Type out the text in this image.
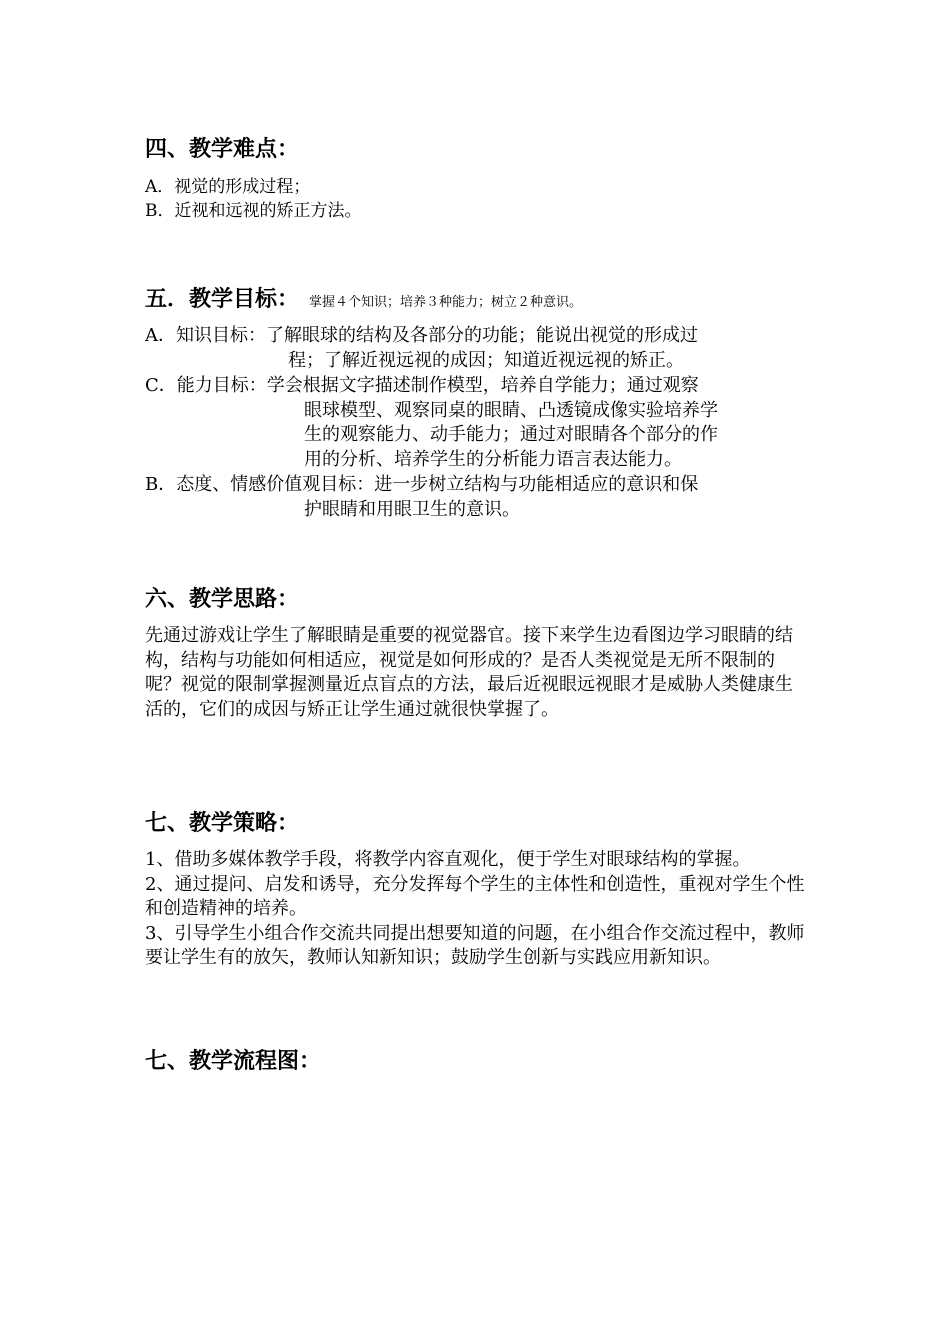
四、教学难点：
A．视觉的形成过程；
B．近视和远视的矫正方法。
五．教学目标： 掌握４个知识；培养３种能力；树立２种意识。
A．知识目标：了解眼球的结构及各部分的功能；能说出视觉的形成过
程；了解近视远视的成因；知道近视远视的矫正。
C．能力目标：学会根据文字描述制作模型，培养自学能力；通过观察
眼球模型、观察同桌的眼睛、凸透镜成像实验培养学
生的观察能力、动手能力；通过对眼睛各个部分的作
用的分析、培养学生的分析能力语言表达能力。
B．态度、情感价值观目标：进一步树立结构与功能相适应的意识和保
护眼睛和用眼卫生的意识。
六、教学思路：

先通过游戏让学生了解眼睛是重要的视觉器官。接下来学生边看图边学习眼睛的结构，结构与功能如何相适应，视觉是如何形成的？是否人类视觉是无所不限制的呢？视觉的限制掌握测量近点盲点的方法，最后近视眼远视眼才是威胁人类健康生活的，它们的成因与矫正让学生通过就很快掌握了。

七、教学策略：

1、借助多媒体教学手段，将教学内容直观化，便于学生对眼球结构的掌握。

2、通过提问、启发和诱导，充分发挥每个学生的主体性和创造性，重视对学生个性和创造精神的培养。

3、引导学生小组合作交流共同提出想要知道的问题，在小组合作交流过程中，教师要让学生有的放矢，教师认知新知识；鼓励学生创新与实践应用新知识。

七、教学流程图：
